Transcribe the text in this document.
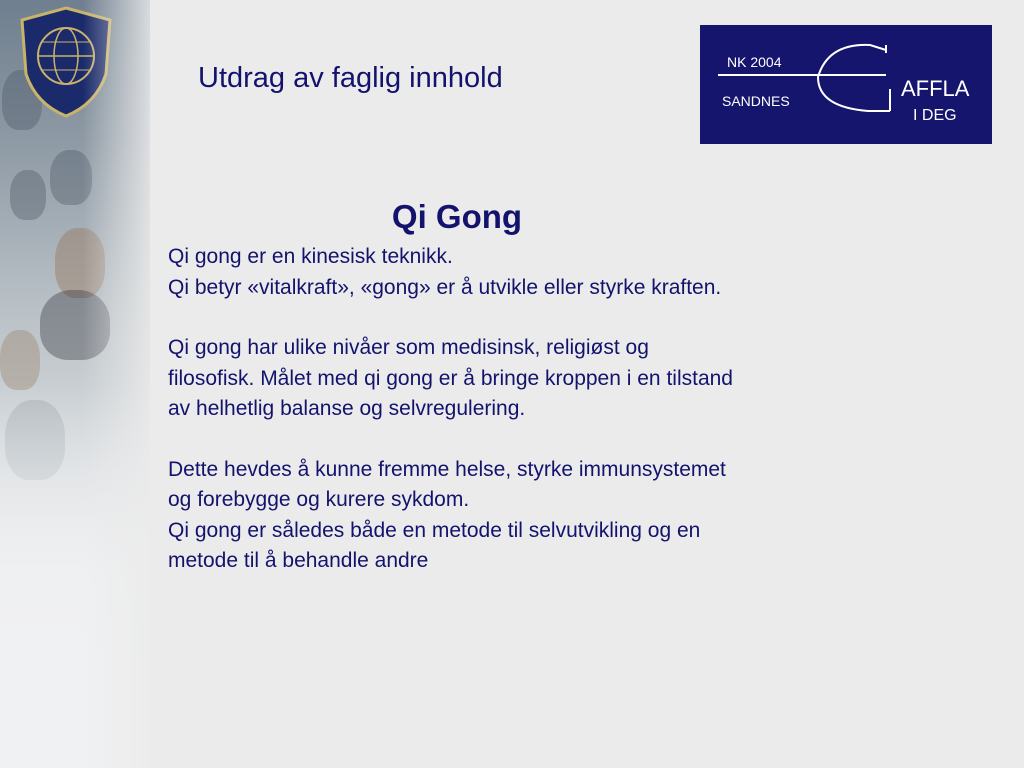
Utdrag av faglig innhold	NK 2004
SANDNES	AFFLA
I DEG
Qi Gong

Qi gong er en kinesisk teknikk.

Qi betyr «vitalkraft», «gong» er å utvikle eller styrke kraften.

Qi gong har ulike nivåer som medisinsk, religiøst og filosofisk. Målet med qi gong er å bringe kroppen i en tilstand av helhetlig balanse og selvregulering.

Dette hevdes å kunne fremme helse, styrke immunsystemet og forebygge og kurere sykdom.

Qi gong er således både en metode til selvutvikling og en metode til å behandle andre
